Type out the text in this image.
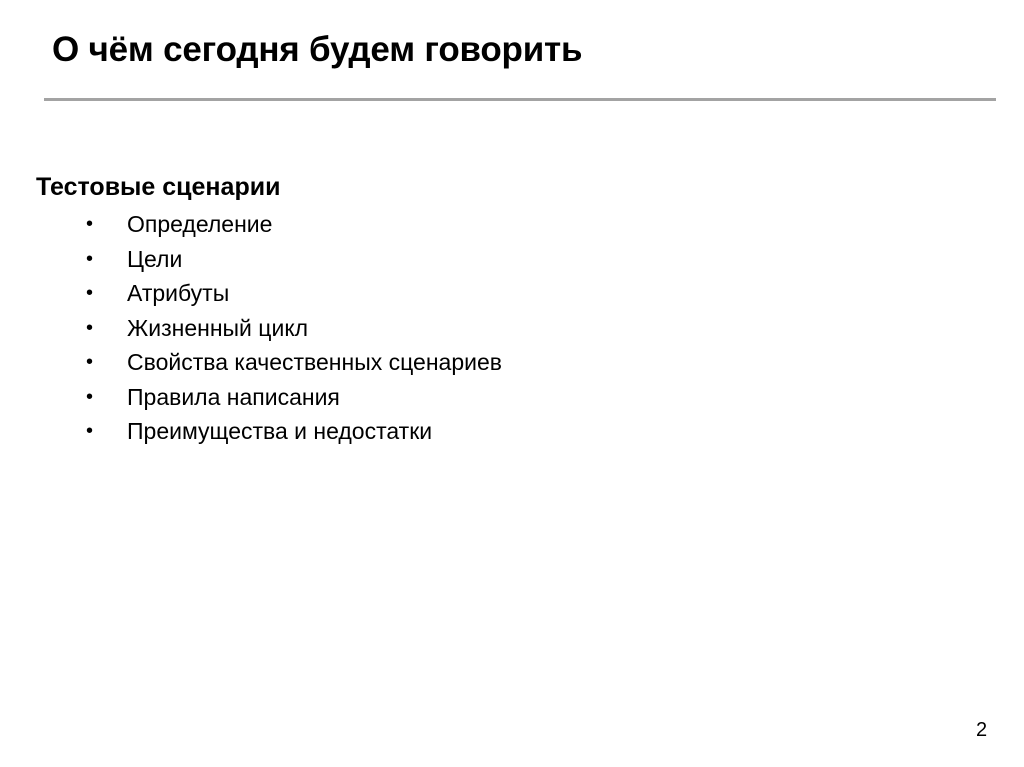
О чём сегодня будем говорить
Тестовые сценарии
• Определение
• Цели
• Атрибуты
• Жизненный цикл
• Свойства качественных сценариев
• Правила написания
• Преимущества и недостатки
2
